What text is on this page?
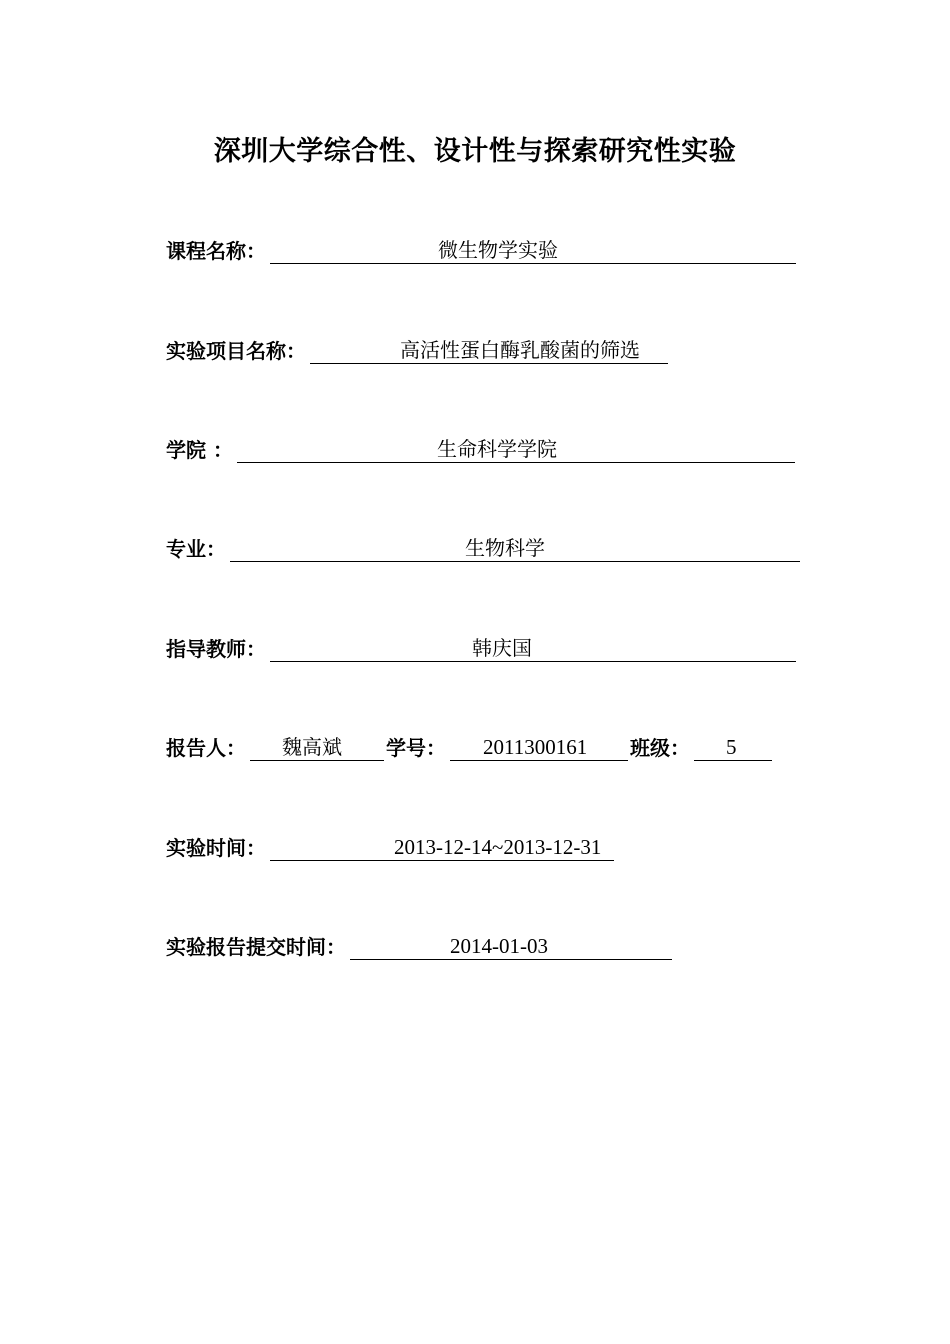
深圳大学综合性、设计性与探索研究性实验
课程名称：	微生物学实验
实验项目名称：	高活性蛋白酶乳酸菌的筛选
学院 ：	生命科学学院
专业：	生物科学
指导教师：	韩庆国
报告人： 魏高斌 学号： 2011300161 班级： 5
实验时间：	2013-12-14~2013-12-31
实验报告提交时间：	2014-01-03
